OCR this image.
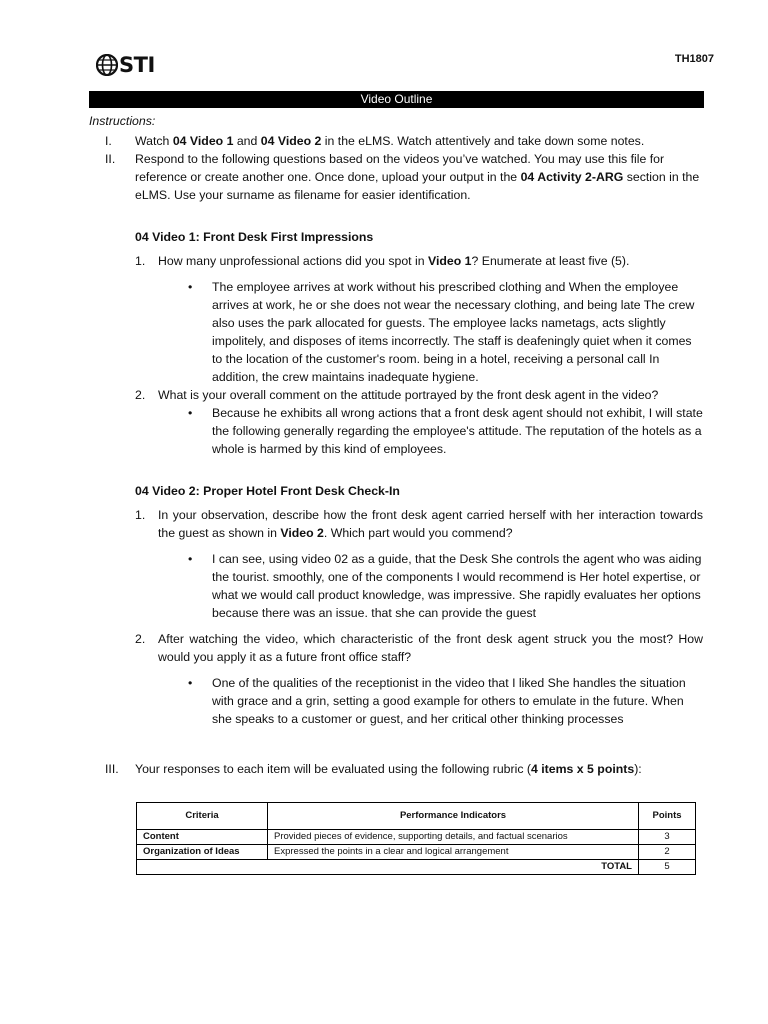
STI	TH1807
Video Outline
Instructions:
I.	Watch 04 Video 1 and 04 Video 2 in the eLMS. Watch attentively and take down some notes.
II.	Respond to the following questions based on the videos you’ve watched. You may use this file for reference or create another one. Once done, upload your output in the 04 Activity 2-ARG section in the eLMS. Use your surname as filename for easier identification.
04 Video 1: Front Desk First Impressions
1.	How many unprofessional actions did you spot in Video 1? Enumerate at least five (5).
•	The employee arrives at work without his prescribed clothing and When the employee arrives at work, he or she does not wear the necessary clothing, and being late The crew also uses the park allocated for guests. The employee lacks nametags, acts slightly impolitely, and disposes of items incorrectly. The staff is deafeningly quiet when it comes to the location of the customer's room. being in a hotel, receiving a personal call In addition, the crew maintains inadequate hygiene.
2.	What is your overall comment on the attitude portrayed by the front desk agent in the video?
•	Because he exhibits all wrong actions that a front desk agent should not exhibit, I will state the following generally regarding the employee's attitude. The reputation of the hotels as a whole is harmed by this kind of employees.
04 Video 2: Proper Hotel Front Desk Check-In
1.	In your observation, describe how the front desk agent carried herself with her interaction towards the guest as shown in Video 2. Which part would you commend?
•	I can see, using video 02 as a guide, that the Desk She controls the agent who was aiding the tourist. smoothly, one of the components I would recommend is Her hotel expertise, or what we would call product knowledge, was impressive. She rapidly evaluates her options because there was an issue. that she can provide the guest
2.	After watching the video, which characteristic of the front desk agent struck you the most? How would you apply it as a future front office staff?
•	One of the qualities of the receptionist in the video that I liked She handles the situation with grace and a grin, setting a good example for others to emulate in the future. When she speaks to a customer or guest, and her critical other thinking processes
III.	Your responses to each item will be evaluated using the following rubric (4 items x 5 points):
Criteria	Performance Indicators	Points
Content	Provided pieces of evidence, supporting details, and factual scenarios	3
Organization of Ideas	Expressed the points in a clear and logical arrangement	2
TOTAL		5
